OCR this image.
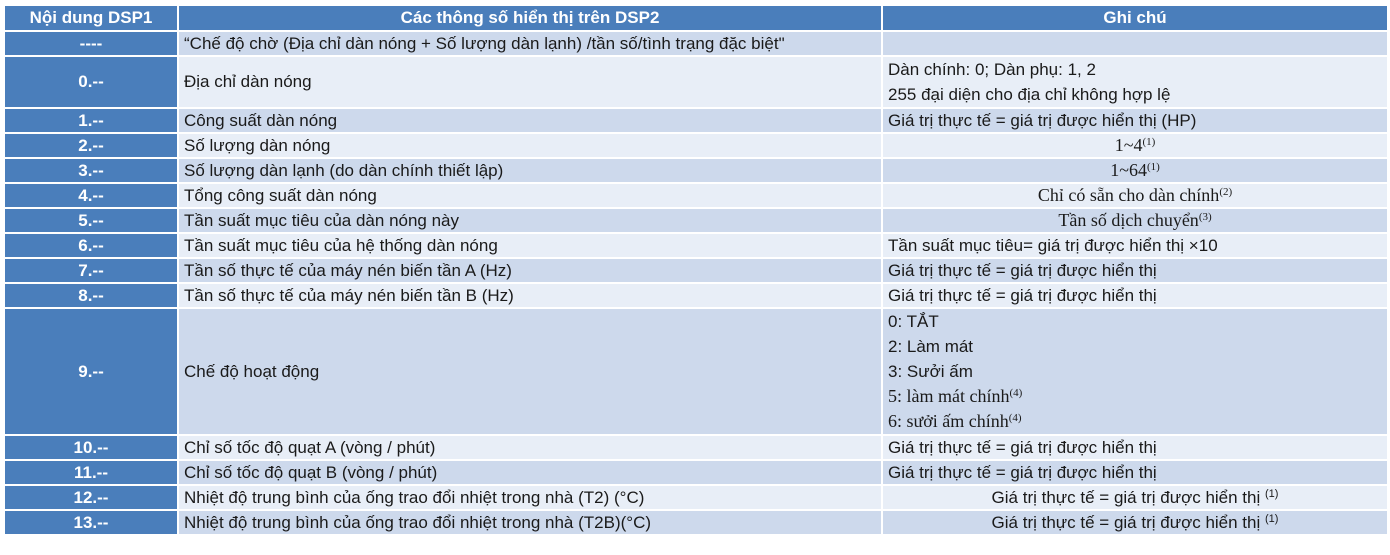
Nội dung DSP1	Các thông số hiển thị trên DSP2	Ghi chú
----	“Chế độ chờ (Địa chỉ dàn nóng + Số lượng dàn lạnh) /tần số/tình trạng đặc biệt"	
0.--	Địa chỉ dàn nóng	Dàn chính: 0; Dàn phụ: 1, 2
255 đại diện cho địa chỉ không hợp lệ

1.--	Công suất dàn nóng	Giá trị thực tế = giá trị được hiển thị (HP)
2.--	Số lượng dàn nóng	1~4$^{(1)}$
3.--	Số lượng dàn lạnh (do dàn chính thiết lập)	1~64$^{(1)}$
4.--	Tổng công suất dàn nóng	Chỉ có sẵn cho dàn chính$^{(2)}$
5.--	Tần suất mục tiêu của dàn nóng này	Tần số dịch chuyển$^{(3)}$
6.--	Tần suất mục tiêu của hệ thống dàn nóng	Tần suất mục tiêu= giá trị được hiển thị ×10
7.--	Tần số thực tế của máy nén biến tần A (Hz)	Giá trị thực tế = giá trị được hiển thị
8.--	Tần số thực tế của máy nén biến tần B (Hz)	Giá trị thực tế = giá trị được hiển thị
9.--	Chế độ hoạt động	0: TẮT
2: Làm mát
3: Sưởi ấm
5: làm mát chính$^{(4)}$
6: sưởi ấm chính$^{(4)}$

10.--	Chỉ số tốc độ quạt A (vòng / phút)	Giá trị thực tế = giá trị được hiển thị
11.--	Chỉ số tốc độ quạt B (vòng / phút)	Giá trị thực tế = giá trị được hiển thị
12.--	Nhiệt độ trung bình của ống trao đổi nhiệt trong nhà (T2) (°C)	Giá trị thực tế = giá trị được hiển thị $^{(1)}$
13.--	Nhiệt độ trung bình của ống trao đổi nhiệt trong nhà (T2B)(°C)	Giá trị thực tế = giá trị được hiển thị $^{(1)}$
